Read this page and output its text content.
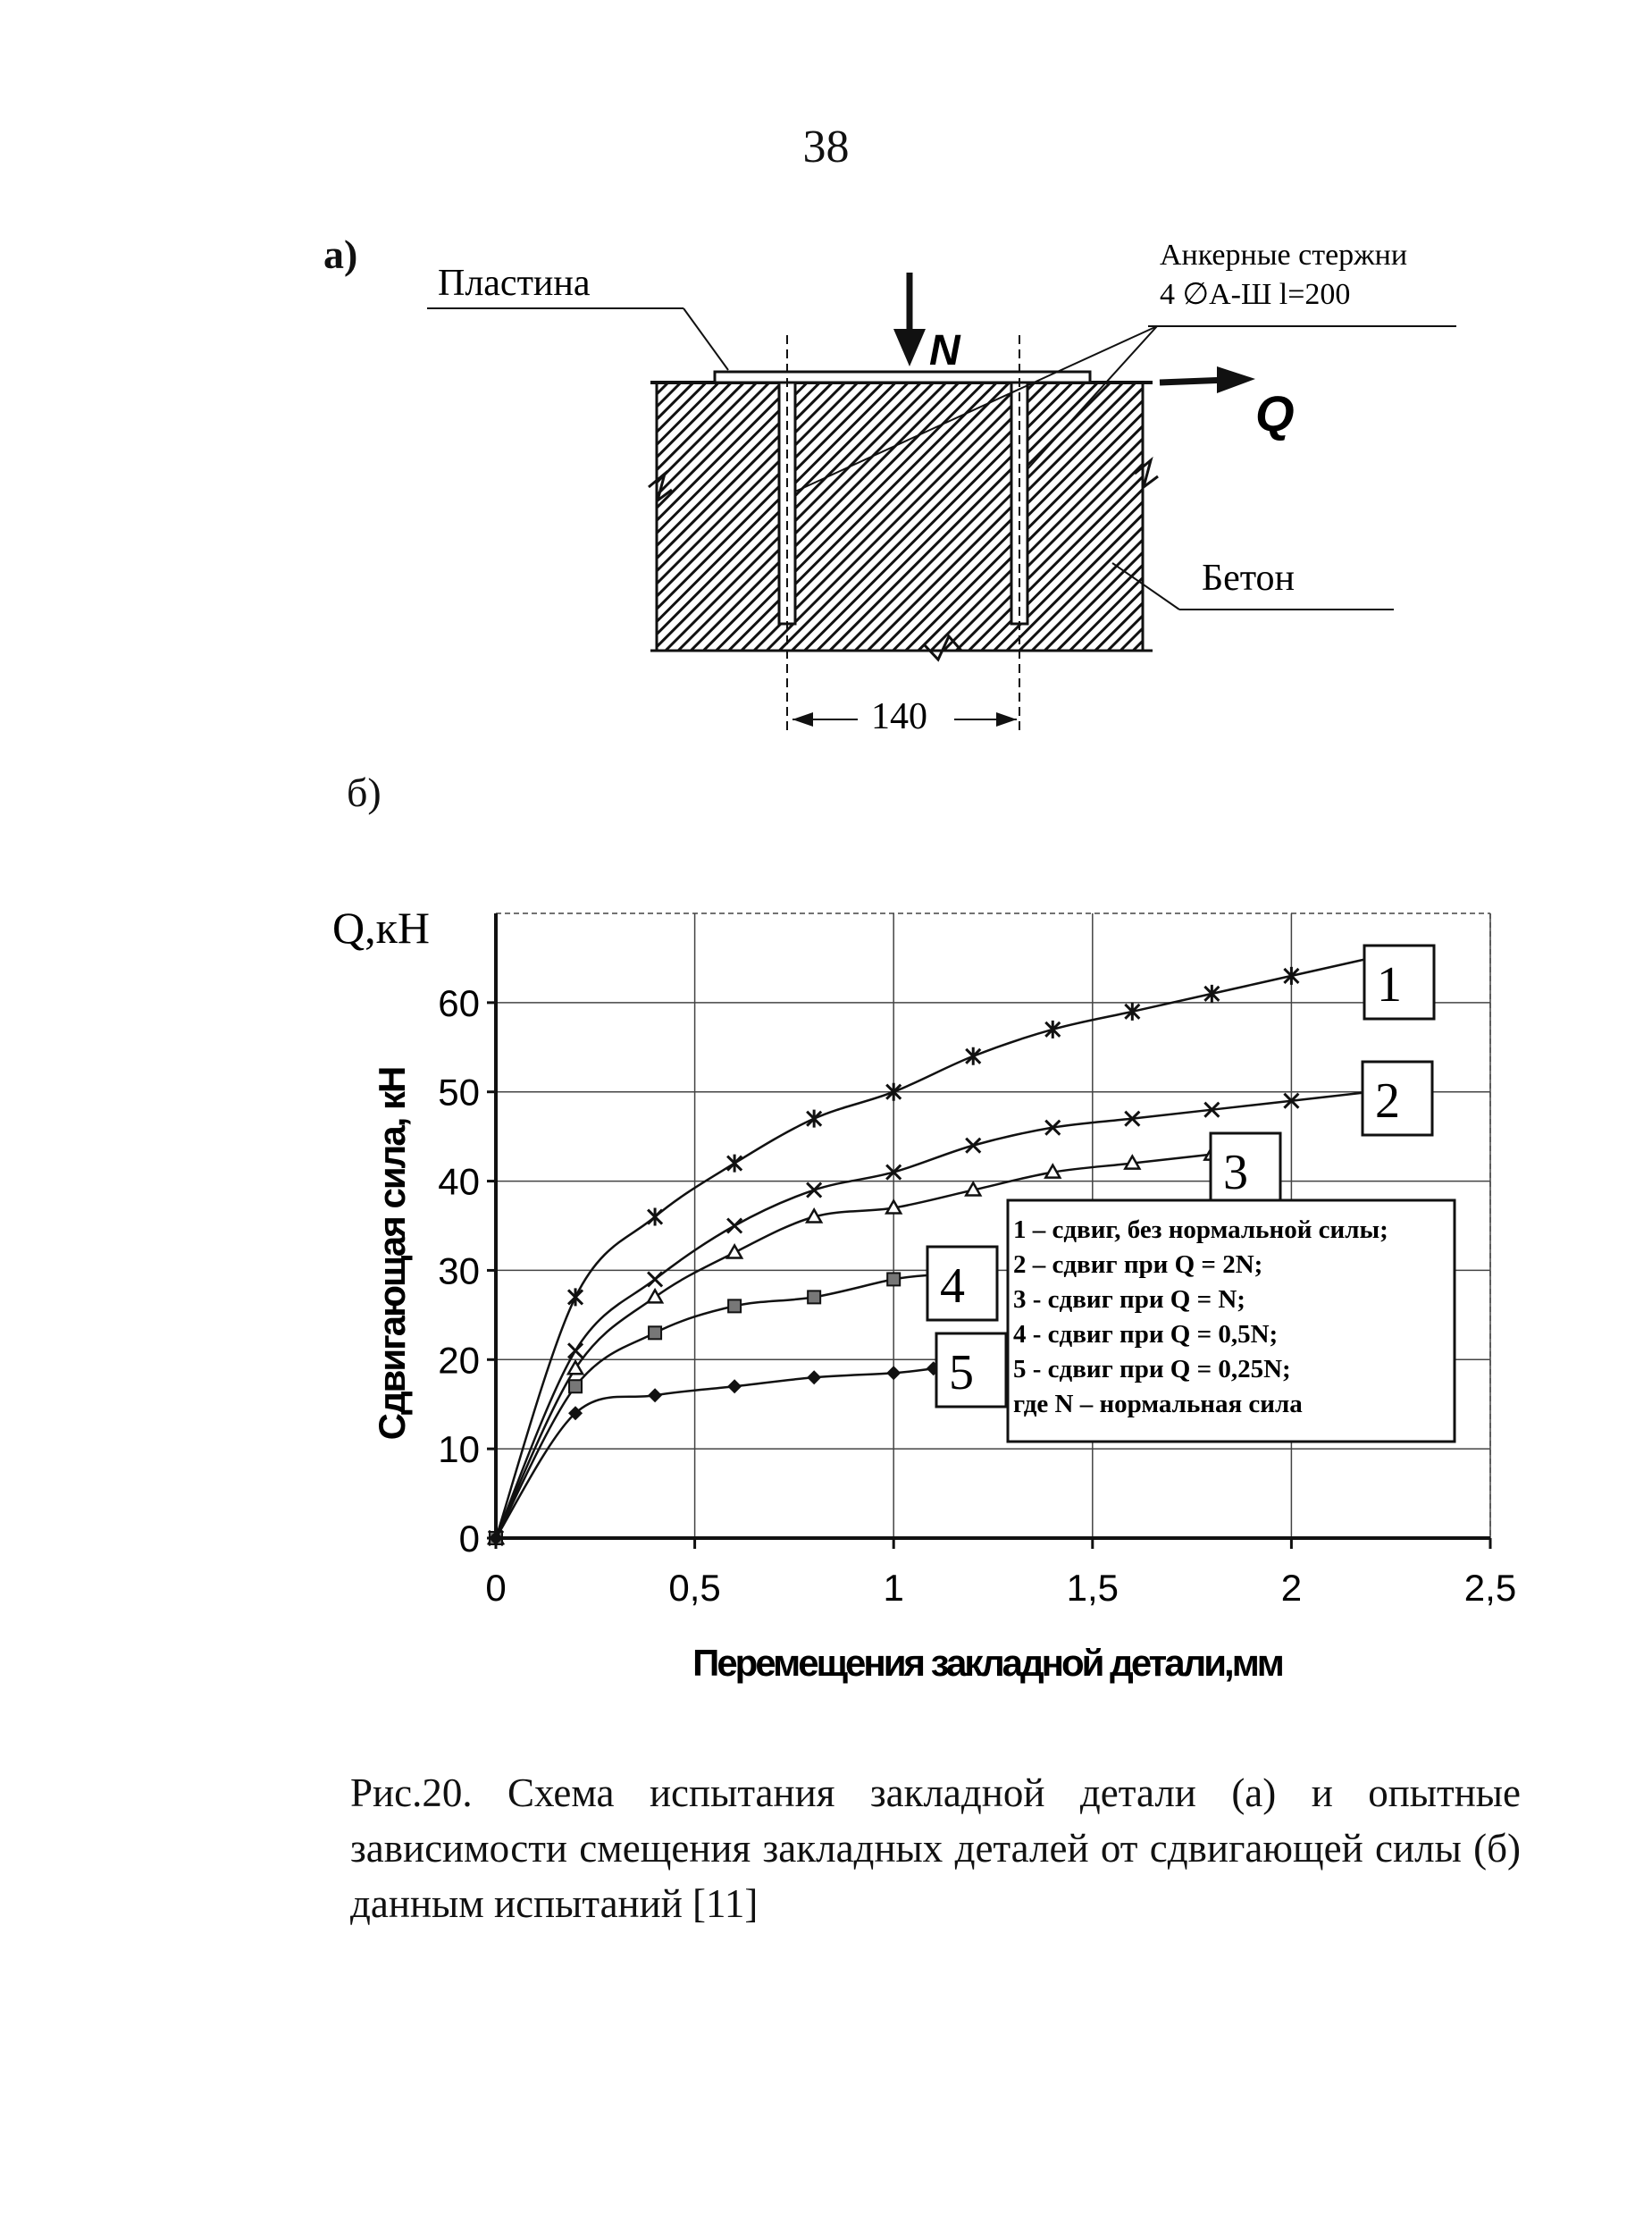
38
а)
б)
Пластина
Анкерные стержни
4 ∅А-Ш l=200
N
Q
Бетон
140
0
10
20
30
40
50
60
0	0,5	1	1,5	2	2,5
1
2
3
4
5
Q,кН
Сдвигающая сила, кН
Перемещения закладной детали,мм
1 – сдвиг, без нормальной силы;
2 – сдвиг при Q = 2N;
3 - сдвиг при Q = N;
4 - сдвиг при Q = 0,5N;
5 - сдвиг при Q = 0,25N;
где N – нормальная сила
Рис.20. Схема испытания закладной детали (а) и опытные зависимости смещения закладных деталей от сдвигающей силы (б) данным испытаний [11]
